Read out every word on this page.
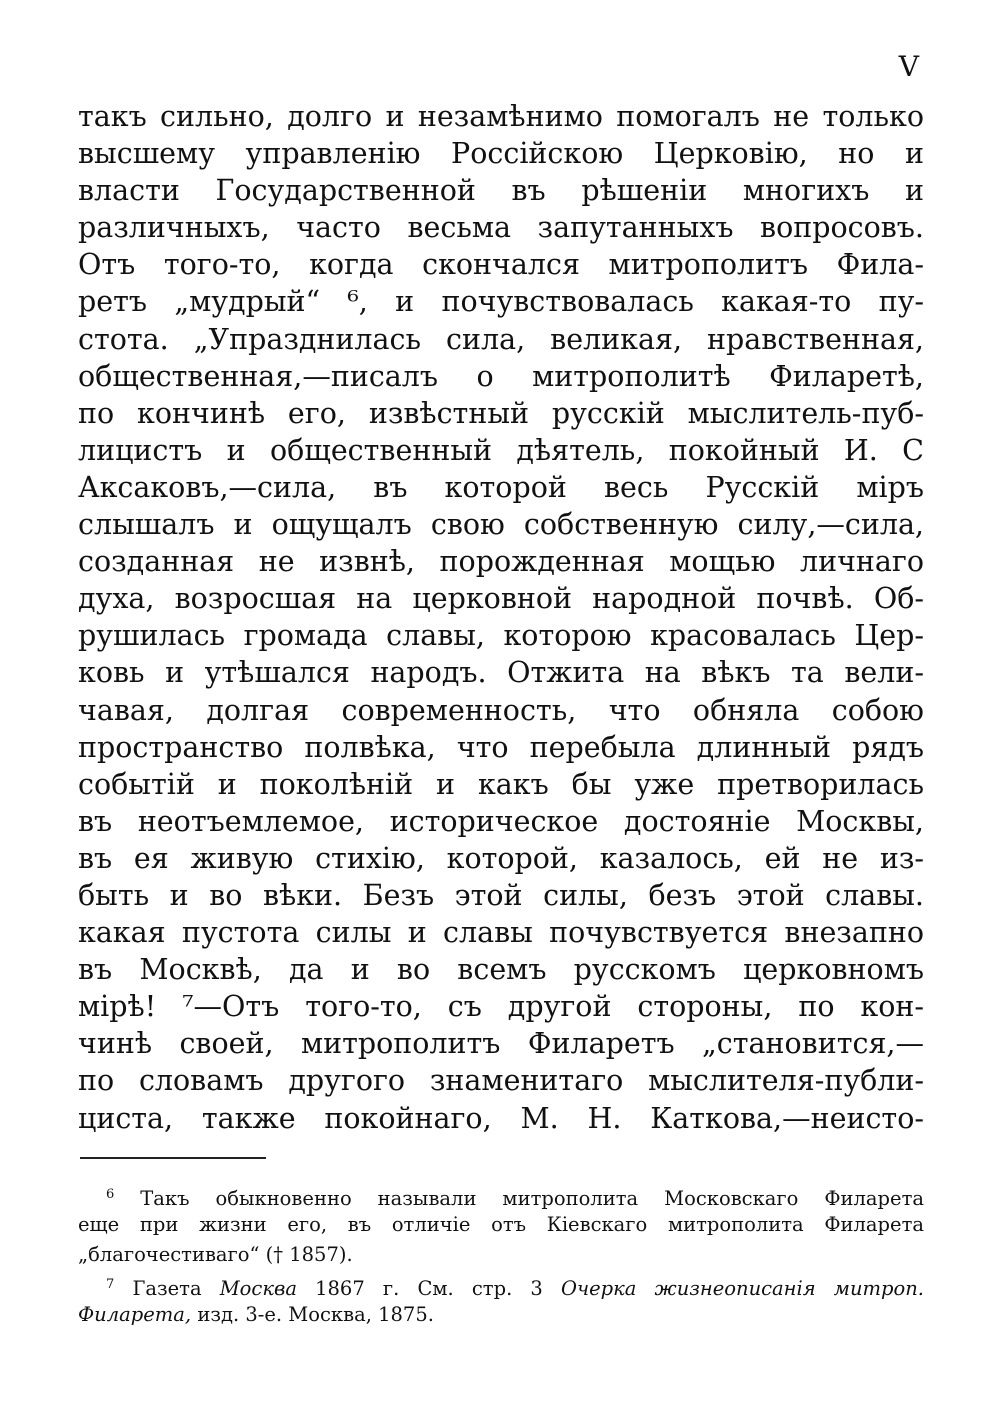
V
такъ сильно, долго и незамѣнимо помогалъ не только
высшему управленію Россійскою Церковію, но и
власти Государственной въ рѣшеніи многихъ и
различныхъ, часто весьма запутанныхъ вопросовъ.
Отъ того-то, когда скончался митрополитъ Фила-
ретъ „мудрый“ ⁶, и почувствовалась какая-то пу-
стота. „Упразднилась сила, великая, нравственная,
общественная,—писалъ о митрополитѣ Филаретѣ,
по кончинѣ его, извѣстный русскій мыслитель-пуб-
лицистъ и общественный дѣятель, покойный И. С
Аксаковъ,—сила, въ которой весь Русскій міръ
слышалъ и ощущалъ свою собственную силу,—сила,
созданная не извнѣ, порожденная мощью личнаго
духа, возросшая на церковной народной почвѣ. Об-
рушилась громада славы, которою красовалась Цер-
ковь и утѣшался народъ. Отжита на вѣкъ та вели-
чавая, долгая современность, что обняла собою
пространство полвѣка, что перебыла длинный рядъ
событій и поколѣній и какъ бы уже претворилась
въ неотъемлемое, историческое достояніе Москвы,
въ ея живую стихію, которой, казалось, ей не из-
быть и во вѣки. Безъ этой силы, безъ этой славы.
какая пустота силы и славы почувствуется внезапно
въ Москвѣ, да и во всемъ русскомъ церковномъ
мірѣ! ⁷—Отъ того-то, съ другой стороны, по кон-
чинѣ своей, митрополитъ Филаретъ „становится,—
по словамъ другого знаменитаго мыслителя-публи-
циста, также покойнаго, М. Н. Каткова,—неисто-
$^6$ Такъ обыкновенно называли митрополита Московскаго Филарета
еще при жизни его, въ отличіе отъ Кіевскаго митрополита Филарета
„благочестиваго“ († 1857).
$^7$ Газета Москва 1867 г. См. стр. 3 Очерка жизнеописанія митроп.
Филарета, изд. 3-е. Москва, 1875.
